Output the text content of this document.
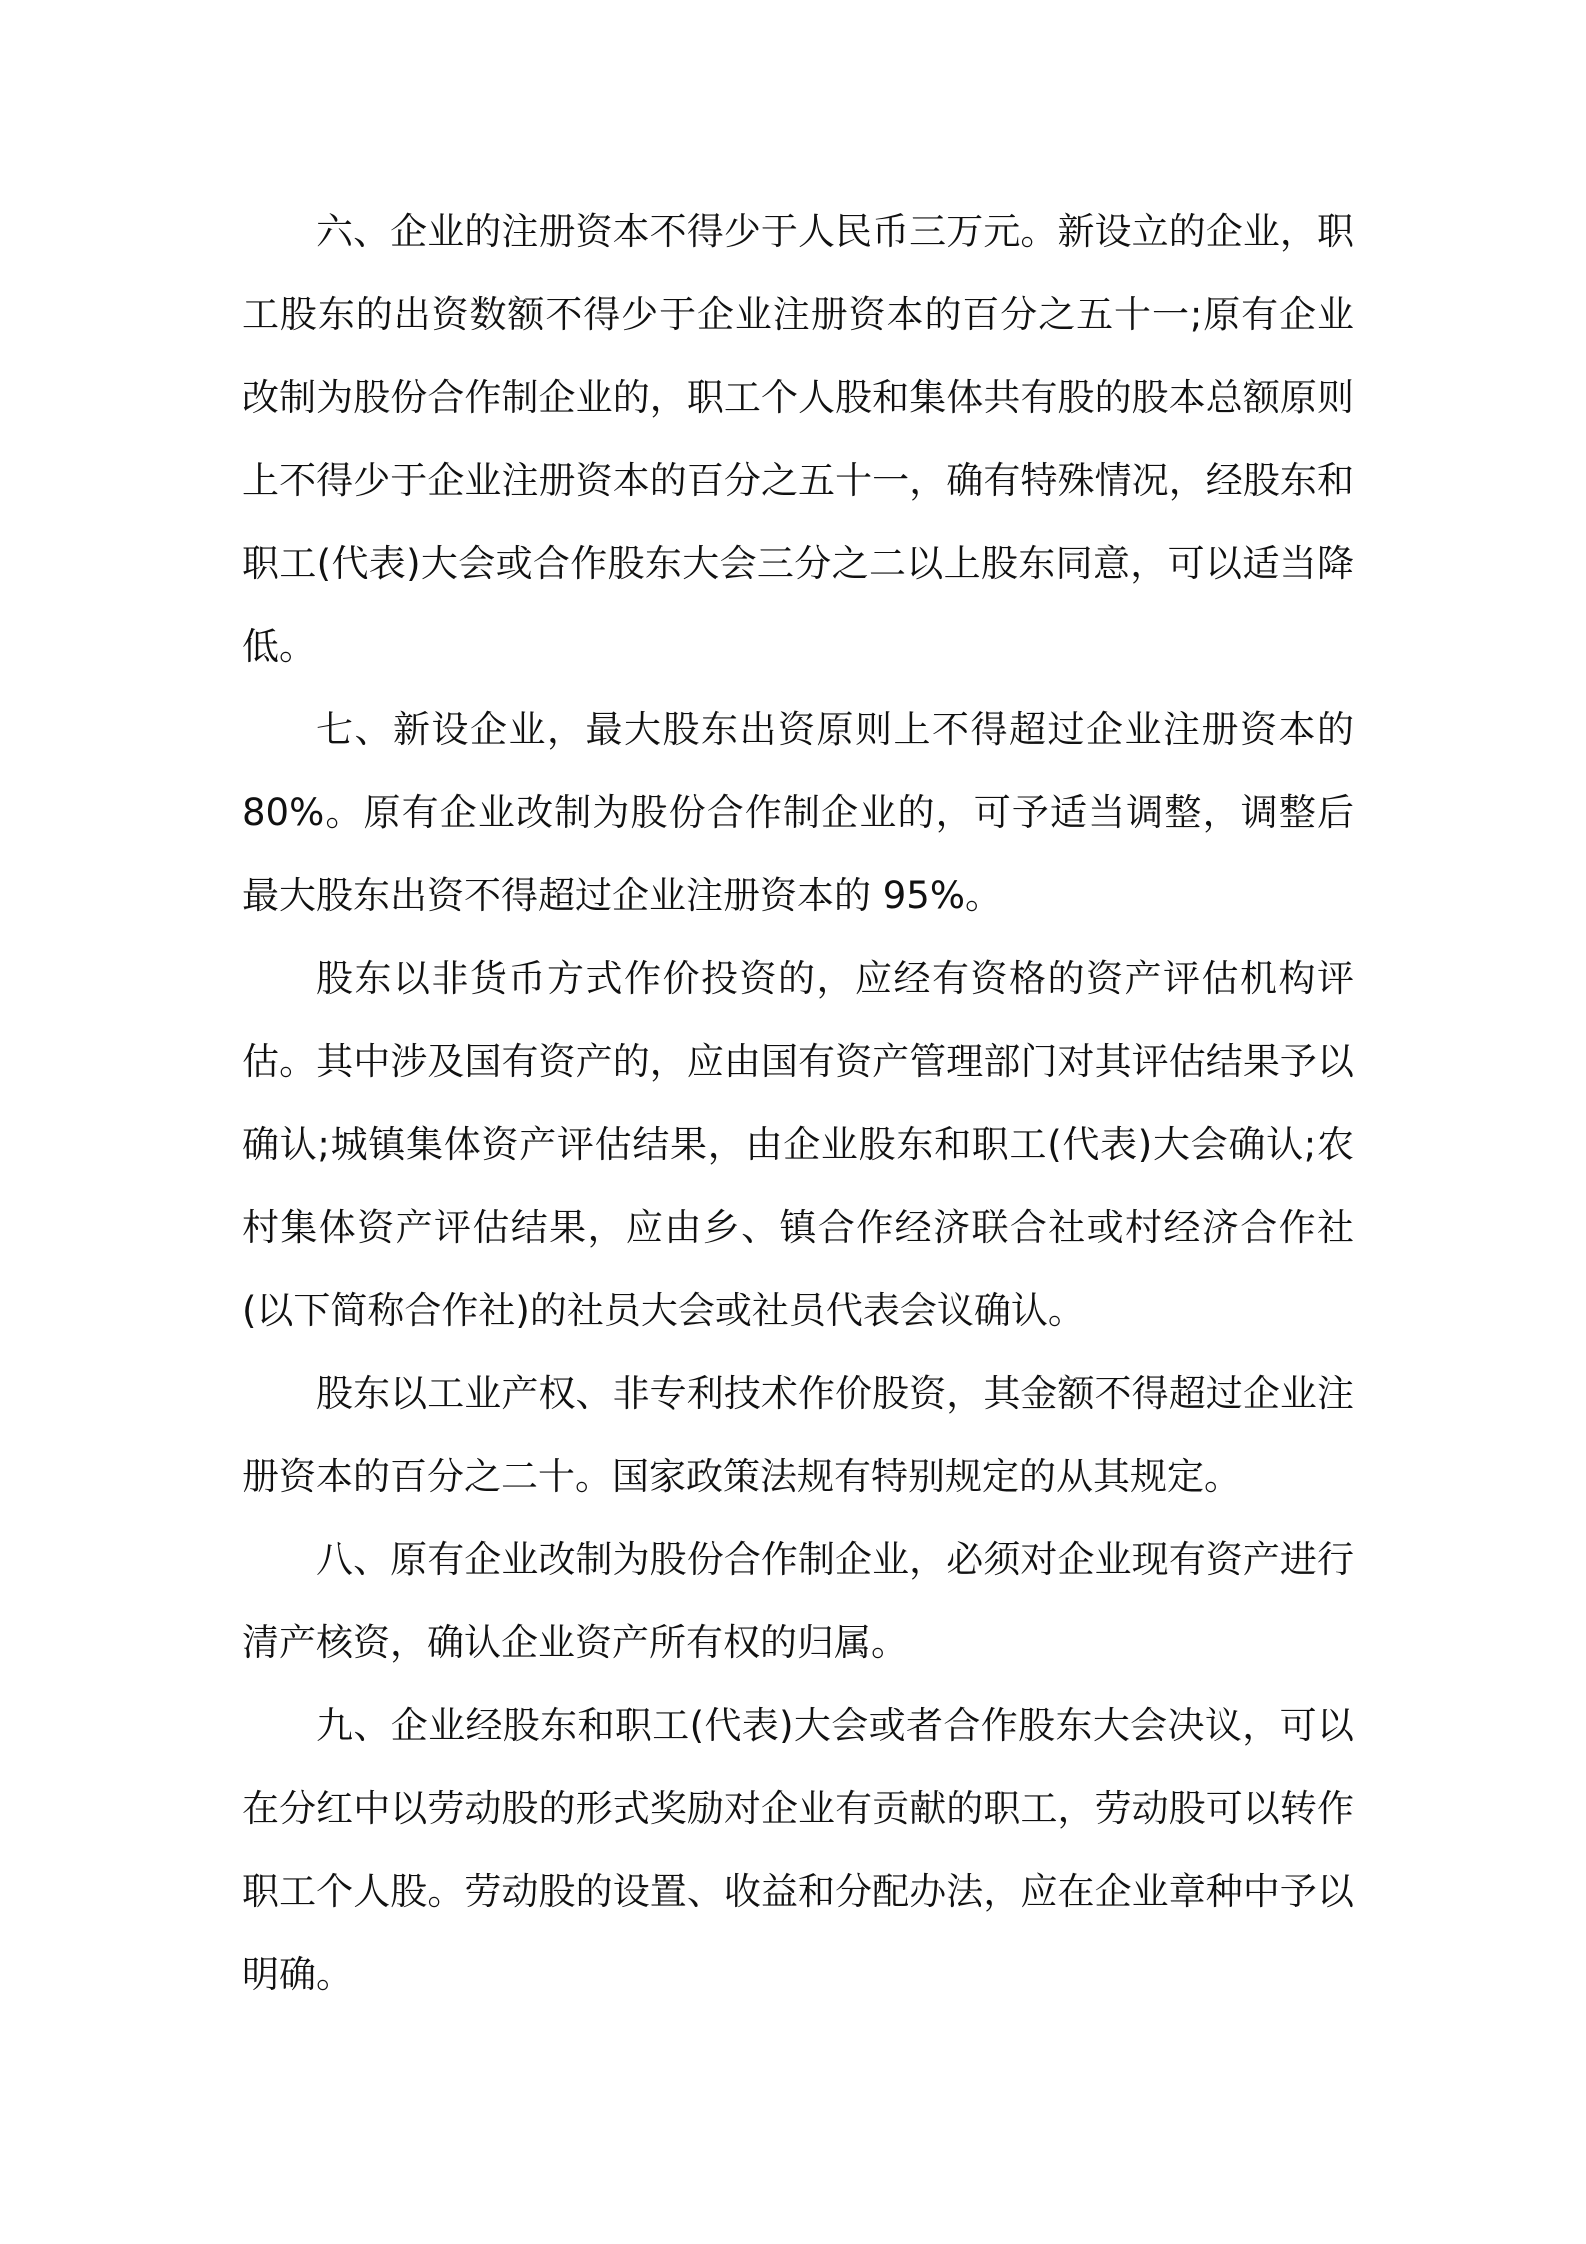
六、企业的注册资本不得少于人民币三万元。新设立的企业，职工股东的出资数额不得少于企业注册资本的百分之五十一;原有企业改制为股份合作制企业的，职工个人股和集体共有股的股本总额原则上不得少于企业注册资本的百分之五十一，确有特殊情况，经股东和职工(代表)大会或合作股东大会三分之二以上股东同意，可以适当降低。

七、新设企业，最大股东出资原则上不得超过企业注册资本的80%。原有企业改制为股份合作制企业的，可予适当调整，调整后最大股东出资不得超过企业注册资本的 95%。

股东以非货币方式作价投资的，应经有资格的资产评估机构评估。其中涉及国有资产的，应由国有资产管理部门对其评估结果予以确认;城镇集体资产评估结果，由企业股东和职工(代表)大会确认;农村集体资产评估结果，应由乡、镇合作经济联合社或村经济合作社(以下简称合作社)的社员大会或社员代表会议确认。

股东以工业产权、非专利技术作价股资，其金额不得超过企业注册资本的百分之二十。国家政策法规有特别规定的从其规定。

八、原有企业改制为股份合作制企业，必须对企业现有资产进行清产核资，确认企业资产所有权的归属。

九、企业经股东和职工(代表)大会或者合作股东大会决议，可以在分红中以劳动股的形式奖励对企业有贡献的职工，劳动股可以转作职工个人股。劳动股的设置、收益和分配办法，应在企业章种中予以明确。
